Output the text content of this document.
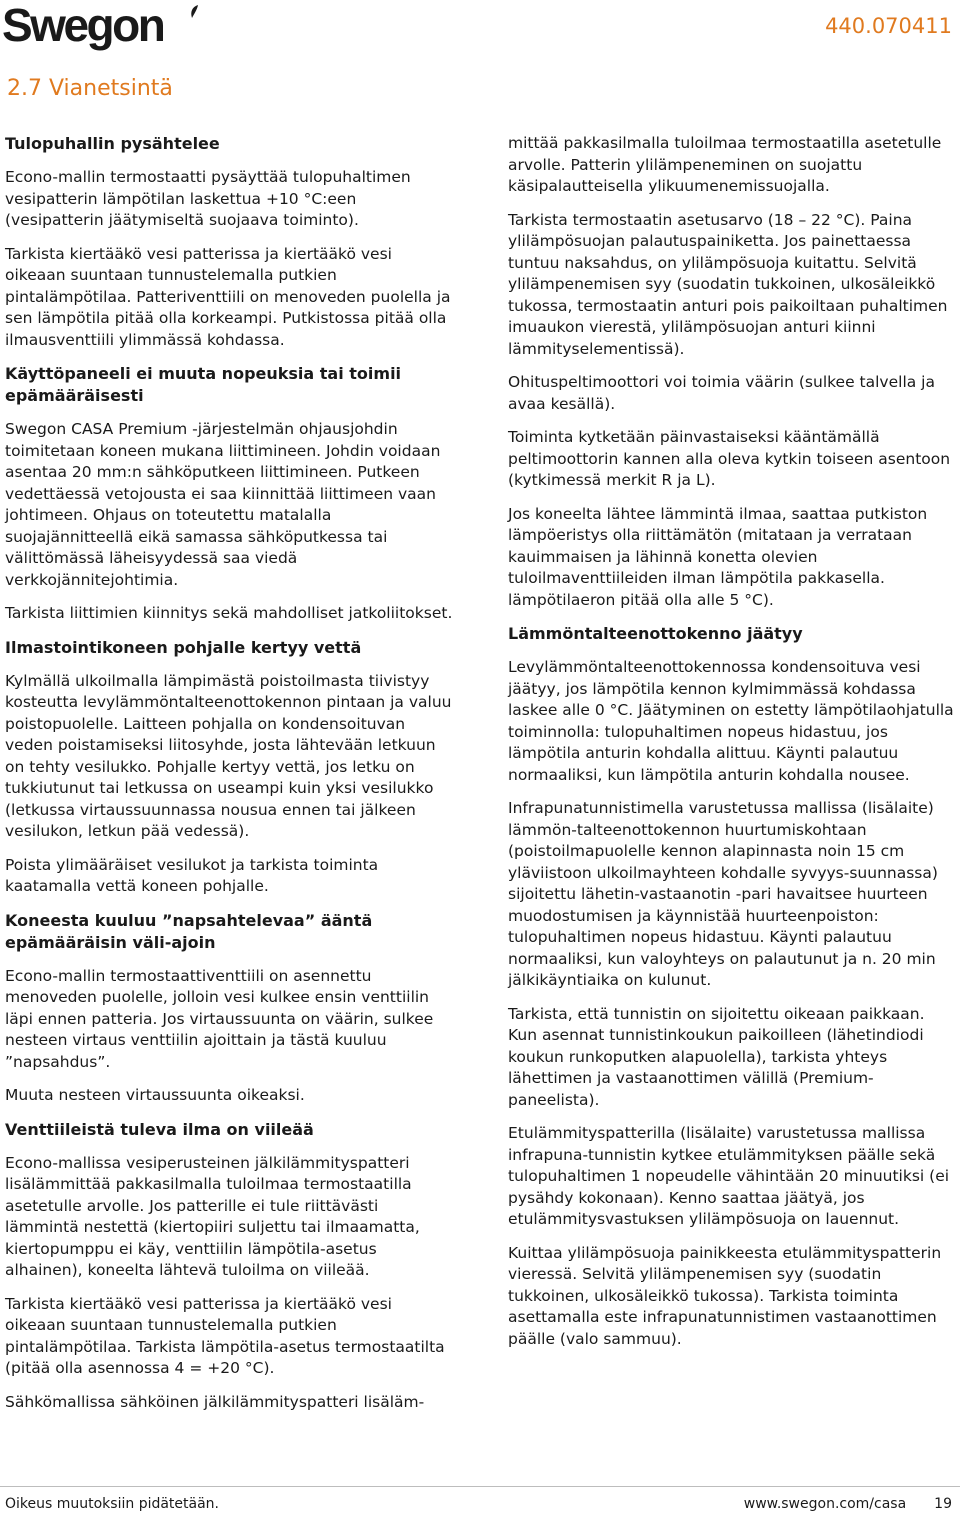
Swegon	440.070411
2.7 Vianetsintä
Tulopuhallin pysähtelee

Econo-mallin termostaatti pysäyttää tulopuhaltimen vesipatterin lämpötilan laskettua +10 °C:een (vesipatterin jäätymiseltä suojaava toiminto).

Tarkista kiertääkö vesi patterissa ja kiertääkö vesi oikeaan suuntaan tunnustelemalla putkien pintalämpötilaa. Patteriventtiili on menoveden puolella ja sen lämpötila pitää olla korkeampi. Putkistossa pitää olla ilmausventtiili ylimmässä kohdassa.

Käyttöpaneeli ei muuta nopeuksia tai toimii epämääräisesti

Swegon CASA Premium -järjestelmän ohjausjohdin toimitetaan koneen mukana liittimineen. Johdin voidaan asentaa 20 mm:n sähköputkeen liittimineen. Putkeen vedettäessä vetojousta ei saa kiinnittää liittimeen vaan johtimeen. Ohjaus on toteutettu matalalla suojajännitteellä eikä samassa sähköputkessa tai välittömässä läheisyydessä saa viedä verkkojännitejohtimia.

Tarkista liittimien kiinnitys sekä mahdolliset jatkoliitokset.

Ilmastointikoneen pohjalle kertyy vettä

Kylmällä ulkoilmalla lämpimästä poistoilmasta tiivistyy kosteutta levylämmöntalteenottokennon pintaan ja valuu poistopuolelle. Laitteen pohjalla on kondensoituvan veden poistamiseksi liitosyhde, josta lähtevään letkuun on tehty vesilukko. Pohjalle kertyy vettä, jos letku on tukkiutunut tai letkussa on useampi kuin yksi vesilukko (letkussa virtaussuunnassa nousua ennen tai jälkeen vesilukon, letkun pää vedessä).

Poista ylimääräiset vesilukot ja tarkista toiminta kaatamalla vettä koneen pohjalle.

Koneesta kuuluu ”napsahtelevaa” ääntä epämääräisin väli-ajoin

Econo-mallin termostaattiventtiili on asennettu menoveden puolelle, jolloin vesi kulkee ensin venttiilin läpi ennen patteria. Jos virtaussuunta on väärin, sulkee nesteen virtaus venttiilin ajoittain ja tästä kuuluu ”napsahdus”.

Muuta nesteen virtaussuunta oikeaksi.

Venttiileistä tuleva ilma on viileää

Econo-mallissa vesiperusteinen jälkilämmityspatteri lisälämmittää pakkasilmalla tuloilmaa termostaatilla asetetulle arvolle. Jos patterille ei tule riittävästi lämmintä nestettä (kiertopiiri suljettu tai ilmaamatta, kiertopumppu ei käy, venttiilin lämpötila-asetus alhainen), koneelta lähtevä tuloilma on viileää.

Tarkista kiertääkö vesi patterissa ja kiertääkö vesi oikeaan suuntaan tunnustelemalla putkien pintalämpötilaa. Tarkista lämpötila-asetus termostaatilta (pitää olla asennossa 4 = +20 °C).

Sähkömallissa sähköinen jälkilämmityspatteri lisäläm-

mittää pakkasilmalla tuloilmaa termostaatilla asetetulle arvolle. Patterin ylilämpeneminen on suojattu käsipalautteisella ylikuumenemissuojalla.

Tarkista termostaatin asetusarvo (18 – 22 °C). Paina ylilämpösuojan palautuspainiketta. Jos painettaessa tuntuu naksahdus, on ylilämpösuoja kuitattu. Selvitä ylilämpenemisen syy (suodatin tukkoinen, ulkosäleikkö tukossa, termostaatin anturi pois paikoiltaan puhaltimen imuaukon vierestä, ylilämpösuojan anturi kiinni lämmityselementissä).

Ohituspeltimoottori voi toimia väärin (sulkee talvella ja avaa kesällä).

Toiminta kytketään päinvastaiseksi kääntämällä peltimoottorin kannen alla oleva kytkin toiseen asentoon (kytkimessä merkit R ja L).

Jos koneelta lähtee lämmintä ilmaa, saattaa putkiston lämpöeristys olla riittämätön (mitataan ja verrataan kauimmaisen ja lähinnä konetta olevien tuloilmaventtiileiden ilman lämpötila pakkasella. lämpötilaeron pitää olla alle 5 °C).

Lämmöntalteenottokenno jäätyy

Levylämmöntalteenottokennossa kondensoituva vesi jäätyy, jos lämpötila kennon kylmimmässä kohdassa laskee alle 0 °C. Jäätyminen on estetty lämpötilaohjatulla toiminnolla: tulopuhaltimen nopeus hidastuu, jos lämpötila anturin kohdalla alittuu. Käynti palautuu normaaliksi, kun lämpötila anturin kohdalla nousee.

Infrapunatunnistimella varustetussa mallissa (lisälaite) lämmön-talteenottokennon huurtumiskohtaan (poistoilmapuolelle kennon alapinnasta noin 15 cm yläviistoon ulkoilmayhteen kohdalle syvyys-suunnassa) sijoitettu lähetin-vastaanotin -pari havaitsee huurteen muodostumisen ja käynnistää huurteenpoiston: tulopuhaltimen nopeus hidastuu. Käynti palautuu normaaliksi, kun valoyhteys on palautunut ja n. 20 min jälkikäyntiaika on kulunut.

Tarkista, että tunnistin on sijoitettu oikeaan paikkaan. Kun asennat tunnistinkoukun paikoilleen (lähetindiodi koukun runkoputken alapuolella), tarkista yhteys lähettimen ja vastaanottimen välillä (Premium-paneelista).

Etulämmityspatterilla (lisälaite) varustetussa mallissa infrapuna-tunnistin kytkee etulämmityksen päälle sekä tulopuhaltimen 1 nopeudelle vähintään 20 minuutiksi (ei pysähdy kokonaan). Kenno saattaa jäätyä, jos etulämmitysvastuksen ylilämpösuoja on lauennut.

Kuittaa ylilämpösuoja painikkeesta etulämmityspatterin vieressä. Selvitä ylilämpenemisen syy (suodatin tukkoinen, ulkosäleikkö tukossa). Tarkista toiminta asettamalla este infrapunatunnistimen vastaanottimen päälle (valo sammuu).

Oikeus muutoksiin pidätetään.	www.swegon.com/casa 19
